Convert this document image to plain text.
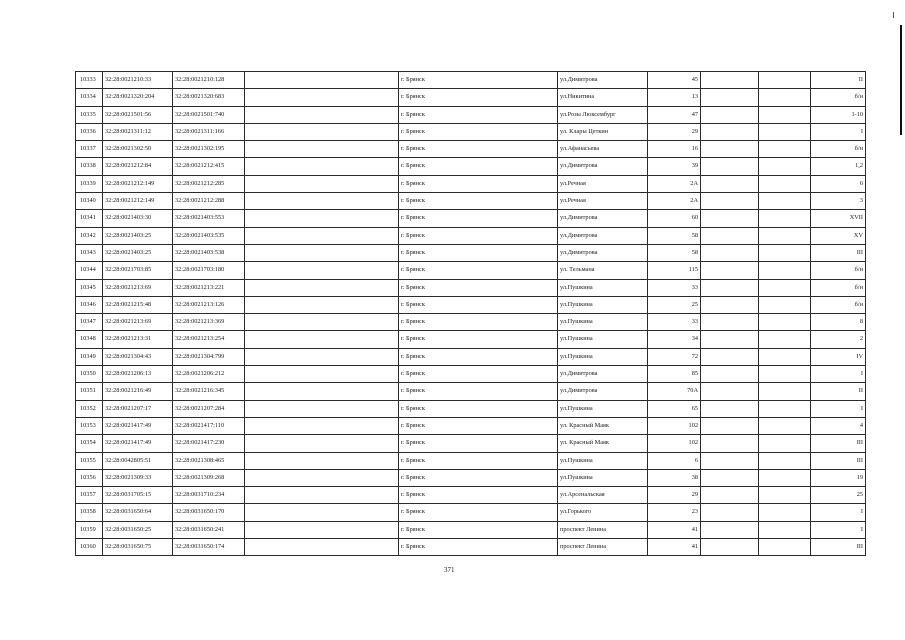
10333	32:28:0021210:33	32:28:0021210:128		г. Брянск	ул.Димитрова	45			II
10334	32:28:0021320:204	32:28:0021320:683		г. Брянск	ул.Никитина	13			б/н
10335	32:28:0021501:56	32:28:0021501:740		г. Брянск	ул.Розы Люксембург	47			1-10
10336	32:28:0021311:12	32:28:0021311:166		г. Брянск	ул. Клары Цеткин	29			I
10337	32:28:0021302:50	32:28:0021302:195		г. Брянск	ул.Афанасьева	16			б/н
10338	32:28:0021212:84	32:28:0021212:415		г. Брянск	ул.Димитрова	39			1,2
10339	32:28:0021212:149	32:28:0021212:285		г. Брянск	ул.Речная	2А			6
10340	32:28:0021212:149	32:28:0021212:288		г. Брянск	ул.Речная	2А			3
10341	32:28:0021403:30	32:28:0021403:553		г. Брянск	ул.Димитрова	60			XVII
10342	32:28:0021403:25	32:28:0021403:535		г. Брянск	ул.Димитрова	58			XV
10343	32:28:0021403:25	32:28:0021403:538		г. Брянск	ул.Димитрова	58			III
10344	32:28:0021703:85	32:28:0021703:180		г. Брянск	ул. Тельмана	115			б/н
10345	32:28:0021213:69	32:28:0021213:221		г. Брянск	ул.Пушкина	33			б/н
10346	32:28:0021215:48	32:28:0021213:126		г. Брянск	ул.Пушкина	25			б/н
10347	32:28:0021213:69	32:28:0021213:369		г. Брянск	ул.Пушкина	33			8
10348	32:28:0021213:31	32:28:0021213:254		г. Брянск	ул.Пушкина	34			2
10349	32:28:0021304:43	32:28:0021304:799		г. Брянск	ул.Пушкина	72			IV
10350	32:28:0021206:13	32:28:0021206:212		г. Брянск	ул.Димитрова	85			I
10351	32:28:0021216:49	32:28:0021216:345		г. Брянск	ул.Димитрова	70А			II
10352	32:28:0021207:17	32:28:0021207:284		г. Брянск	ул.Пушкина	65			I
10353	32:28:0021417:49	32:28:0021417:110		г. Брянск	ул. Красный Маяк	102			4
10354	32:28:0021417:49	32:28:0021417:230		г. Брянск	ул. Красный Маяк	102			III
10355	32:28:0042805:51	32:28:0021308:465		г. Брянск	ул.Пушкина	6			III
10356	32:28:0021309:33	32:28:0021309:268		г. Брянск	ул.Пушкина	38			19
10357	32:28:0031705:15	32:28:0031710:234		г. Брянск	ул.Арсенальская	29			25
10358	32:28:0031650:64	32:28:0031650:170		г. Брянск	ул.Горького	23			I
10359	32:28:0031650:25	32:28:0031650:241		г. Брянск	проспект Ленина	41			I
10360	32:28:0031650:75	32:28:0031650:174		г. Брянск	проспект Ленина	41			III
371
